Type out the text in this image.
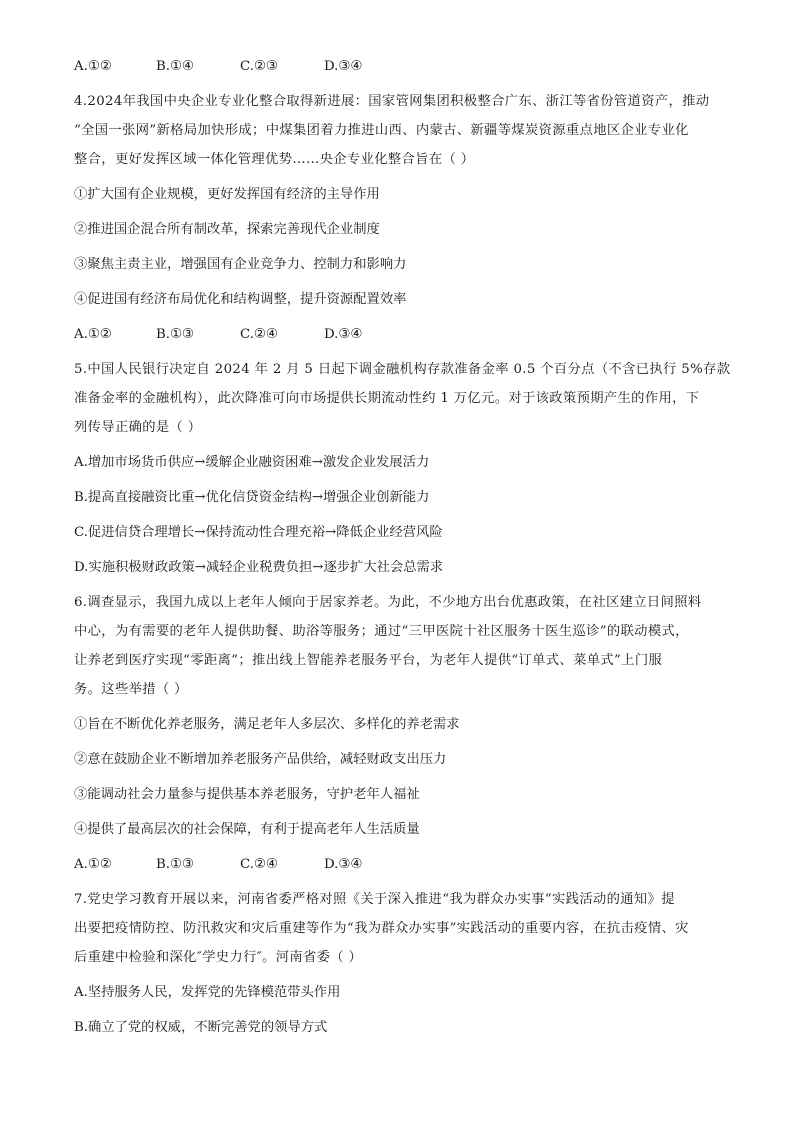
A.①②	B.①④	C.②③	D.③④
4.2024年我国中央企业专业化整合取得新进展：国家管网集团积极整合广东、浙江等省份管道资产，推动
“全国一张网”新格局加快形成；中煤集团着力推进山西、内蒙古、新疆等煤炭资源重点地区企业专业化
整合，更好发挥区域一体化管理优势……央企专业化整合旨在（ ）
①扩大国有企业规模，更好发挥国有经济的主导作用
②推进国企混合所有制改革，探索完善现代企业制度
③聚焦主责主业，增强国有企业竞争力、控制力和影响力
④促进国有经济布局优化和结构调整，提升资源配置效率
A.①②	B.①③	C.②④	D.③④
5.中国人民银行决定自 2024 年 2 月 5 日起下调金融机构存款准备金率 0.5 个百分点（不含已执行 5%存款
准备金率的金融机构），此次降准可向市场提供长期流动性约 1 万亿元。对于该政策预期产生的作用，下
列传导正确的是（ ）
A.增加市场货币供应→缓解企业融资困难→激发企业发展活力
B.提高直接融资比重→优化信贷资金结构→增强企业创新能力
C.促进信贷合理增长→保持流动性合理充裕→降低企业经营风险
D.实施积极财政政策→减轻企业税费负担→逐步扩大社会总需求
6.调查显示，我国九成以上老年人倾向于居家养老。为此，不少地方出台优惠政策，在社区建立日间照料
中心，为有需要的老年人提供助餐、助浴等服务；通过“三甲医院十社区服务十医生巡诊”的联动模式，
让养老到医疗实现“零距离”；推出线上智能养老服务平台，为老年人提供“订单式、菜单式”上门服
务。这些举措（ ）
①旨在不断优化养老服务，满足老年人多层次、多样化的养老需求
②意在鼓励企业不断增加养老服务产品供给，减轻财政支出压力
③能调动社会力量参与提供基本养老服务，守护老年人福祉
④提供了最高层次的社会保障，有利于提高老年人生活质量
A.①②	B.①③	C.②④	D.③④
7.党史学习教育开展以来，河南省委严格对照《关于深入推进“我为群众办实事”实践活动的通知》提
出要把疫情防控、防汛救灾和灾后重建等作为“我为群众办实事”实践活动的重要内容，在抗击疫情、灾
后重建中检验和深化″学史力行″。河南省委（ ）
A.坚持服务人民，发挥党的先锋模范带头作用
B.确立了党的权威，不断完善党的领导方式
